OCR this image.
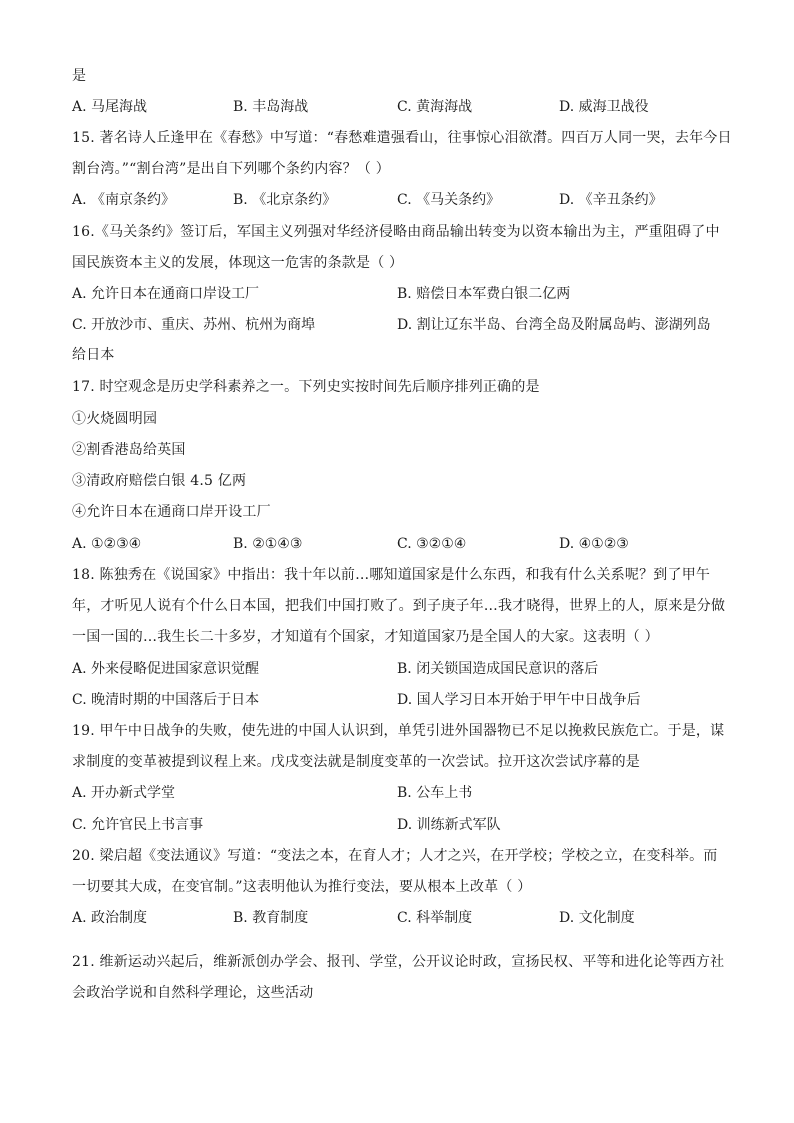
是
A. 马尾海战	B. 丰岛海战	C. 黄海海战	D. 威海卫战役
15. 著名诗人丘逢甲在《春愁》中写道：“春愁难遣强看山，往事惊心泪欲潸。四百万人同一哭，去年今日
割台湾。”“割台湾”是出自下列哪个条约内容？（ ）
A. 《南京条约》	B. 《北京条约》	C. 《马关条约》	D. 《辛丑条约》
16.《马关条约》签订后，军国主义列强对华经济侵略由商品输出转变为以资本输出为主，严重阻碍了中
国民族资本主义的发展，体现这一危害的条款是（ ）
A. 允许日本在通商口岸设工厂	B. 赔偿日本军费白银二亿两
C. 开放沙市、重庆、苏州、杭州为商埠	D. 割让辽东半岛、台湾全岛及附属岛屿、澎湖列岛
给日本
17. 时空观念是历史学科素养之一。下列史实按时间先后顺序排列正确的是
①火烧圆明园
②割香港岛给英国
③清政府赔偿白银 4.5 亿两
④允许日本在通商口岸开设工厂
A. ①②③④	B. ②①④③	C. ③②①④	D. ④①②③
18. 陈独秀在《说国家》中指出：我十年以前…哪知道国家是什么东西，和我有什么关系呢？到了甲午
年，才听见人说有个什么日本国，把我们中国打败了。到子庚子年…我才晓得，世界上的人，原来是分做
一国一国的…我生长二十多岁，才知道有个国家，才知道国家乃是全国人的大家。这表明（ ）
A. 外来侵略促进国家意识觉醒	B. 闭关锁国造成国民意识的落后
C. 晚清时期的中国落后于日本	D. 国人学习日本开始于甲午中日战争后
19. 甲午中日战争的失败，使先进的中国人认识到，单凭引进外国器物已不足以挽救民族危亡。于是，谋
求制度的变革被提到议程上来。戊戌变法就是制度变革的一次尝试。拉开这次尝试序幕的是
A. 开办新式学堂	B. 公车上书
C. 允许官民上书言事	D. 训练新式军队
20. 梁启超《变法通议》写道：“变法之本，在育人才；人才之兴，在开学校；学校之立，在变科举。而
一切要其大成，在变官制。”这表明他认为推行变法，要从根本上改革（ ）
A. 政治制度	B. 教育制度	C. 科举制度	D. 文化制度
21. 维新运动兴起后，维新派创办学会、报刊、学堂，公开议论时政，宣扬民权、平等和进化论等西方社
会政治学说和自然科学理论，这些活动
